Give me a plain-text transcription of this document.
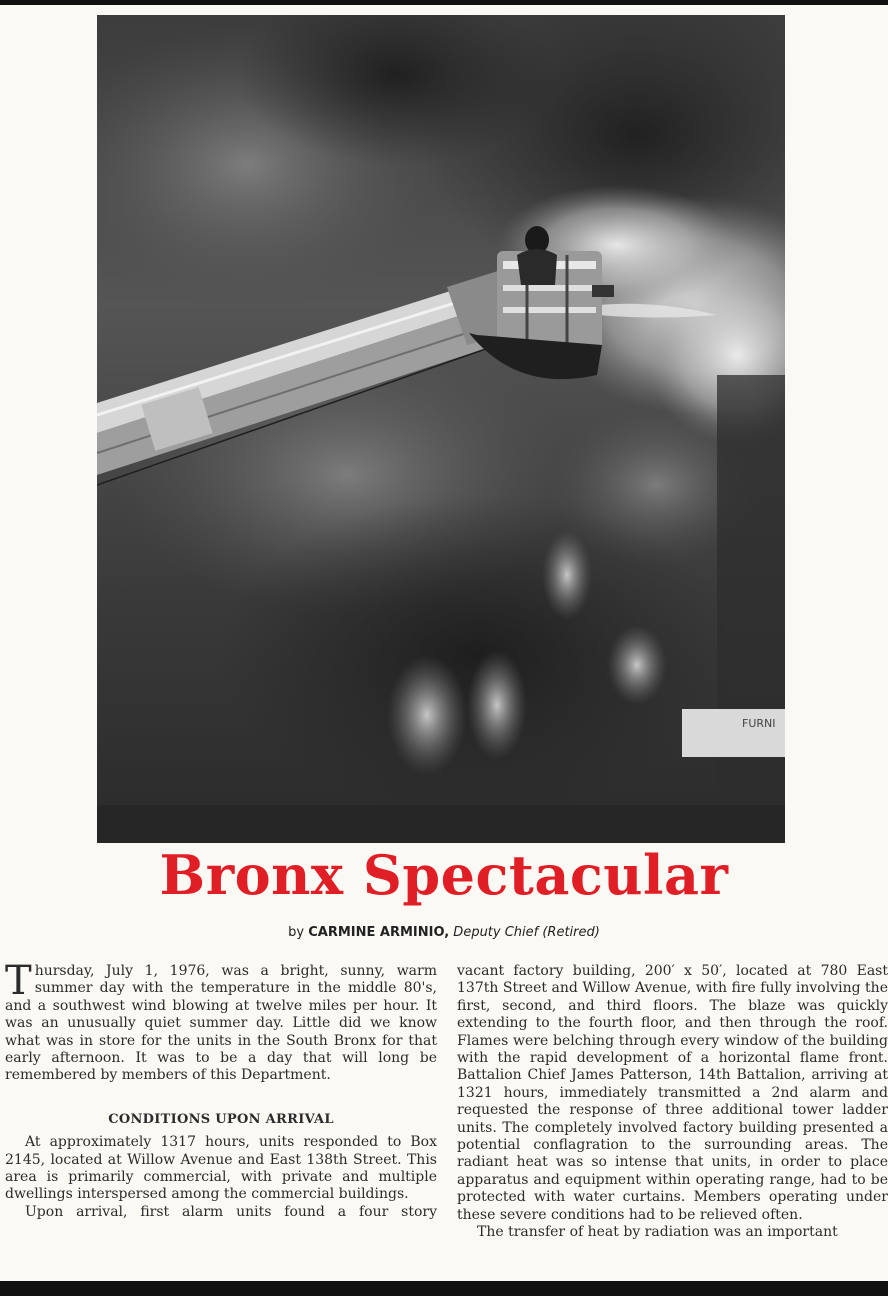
FURNI
Bronx Spectacular
by CARMINE ARMINIO, Deputy Chief (Retired)

Thursday, July 1, 1976, was a bright, sunny, warm summer day with the temperature in the middle 80's, and a southwest wind blowing at twelve miles per hour. It was an unusually quiet summer day. Little did we know what was in store for the units in the South Bronx for that early afternoon. It was to be a day that will long be remembered by members of this Department.

CONDITIONS UPON ARRIVAL

At approximately 1317 hours, units responded to Box 2145, located at Willow Avenue and East 138th Street. This area is primarily commercial, with private and multiple dwellings interspersed among the commercial buildings.

Upon arrival, first alarm units found a four story

vacant factory building, 200′ x 50′, located at 780 East 137th Street and Willow Avenue, with fire fully involving the first, second, and third floors. The blaze was quickly extending to the fourth floor, and then through the roof. Flames were belching through every window of the building with the rapid development of a horizontal flame front. Battalion Chief James Patterson, 14th Battalion, arriving at 1321 hours, immediately transmitted a 2nd alarm and requested the response of three additional tower ladder units. The completely involved factory building presented a potential conflagration to the surrounding areas. The radiant heat was so intense that units, in order to place apparatus and equipment within operating range, had to be protected with water curtains. Members operating under these severe conditions had to be relieved often.

The transfer of heat by radiation was an important
